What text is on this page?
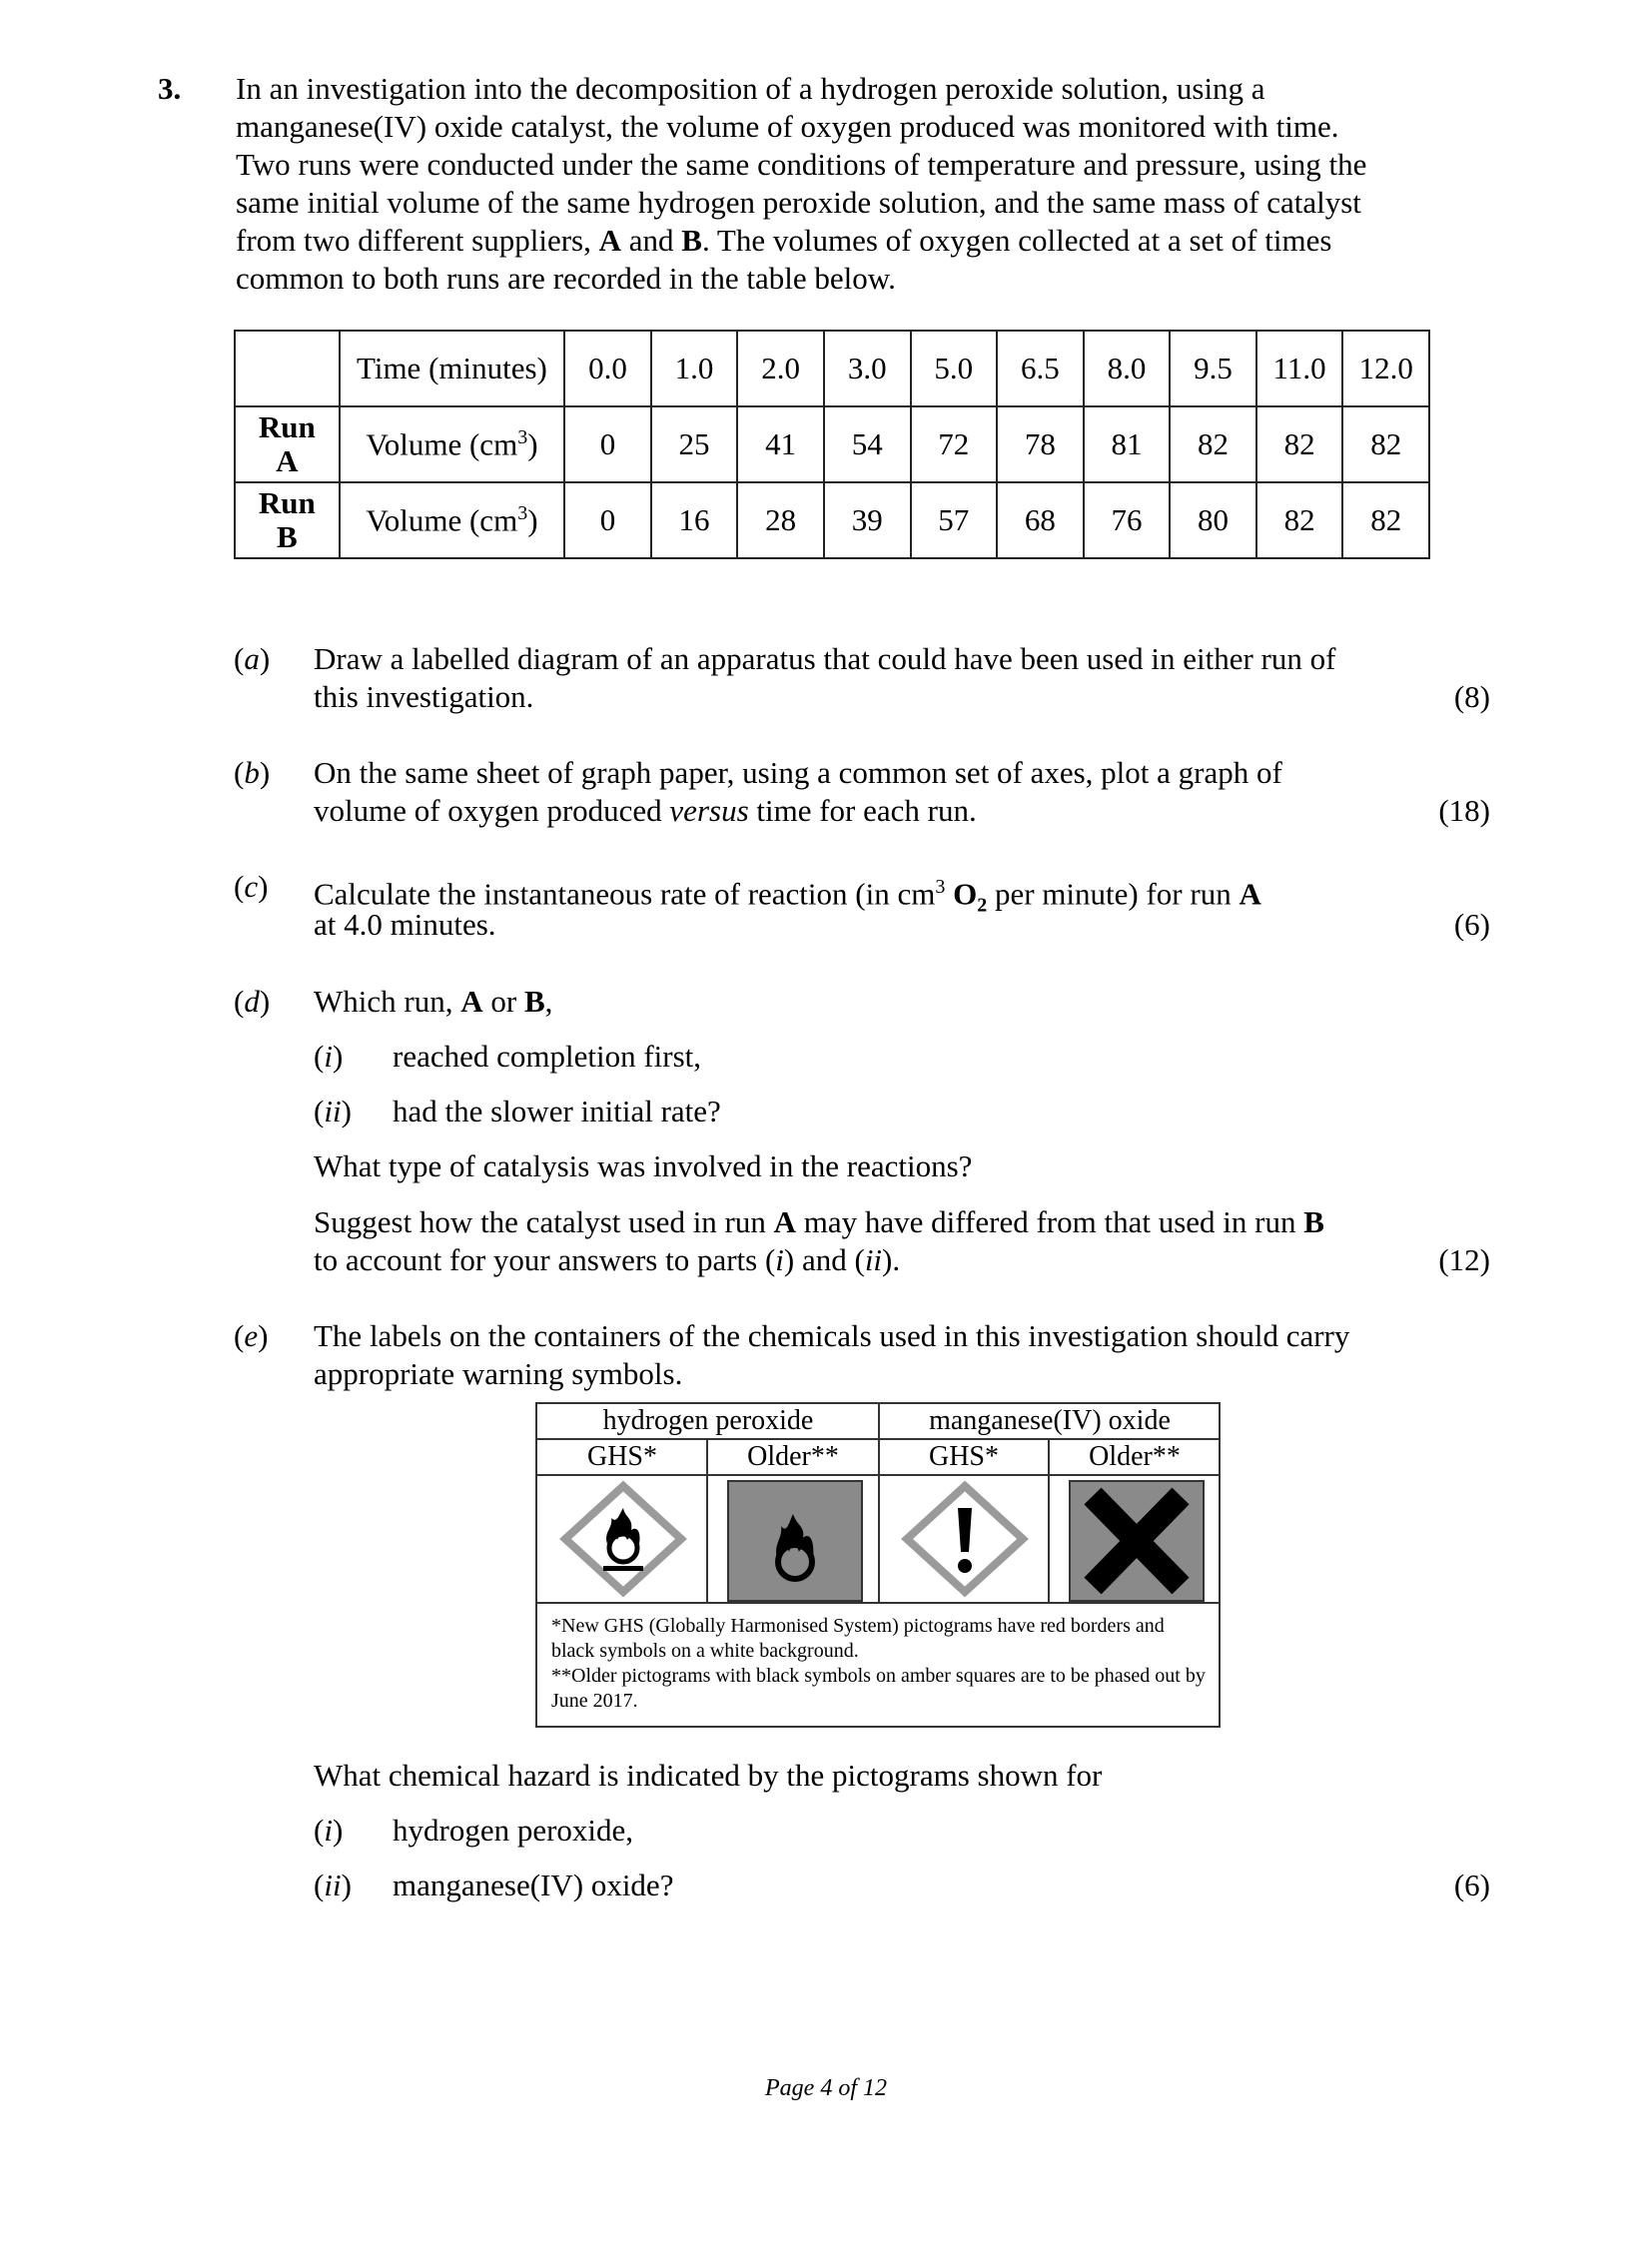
3. In an investigation into the decomposition of a hydrogen peroxide solution, using a
manganese(IV) oxide catalyst, the volume of oxygen produced was monitored with time.
Two runs were conducted under the same conditions of temperature and pressure, using the
same initial volume of the same hydrogen peroxide solution, and the same mass of catalyst
from two different suppliers, A and B. The volumes of oxygen collected at a set of times
common to both runs are recorded in the table below.
	Time (minutes)	0.0	1.0	2.0	3.0	5.0	6.5	8.0	9.5	11.0	12.0
Run
A	Volume $(cm^3)$	0	25	41	54	72	78	81	82	82	82
Run
B	Volume $(cm^3)$	0	16	28	39	57	68	76	80	82	82
(a) Draw a labelled diagram of an apparatus that could have been used in either run of
this investigation.	(8)
(b) On the same sheet of graph paper, using a common set of axes, plot a graph of
volume of oxygen produced versus time for each run.	(18)
(c) Calculate the instantaneous rate of reaction (in $cm^3$ $O_2$ per minute) for run A
at 4.0 minutes.	(6)
(d) Which run, A or B,
(i) reached completion first,
(ii) had the slower initial rate?
What type of catalysis was involved in the reactions?
Suggest how the catalyst used in run A may have differed from that used in run B
to account for your answers to parts (i) and (ii).	(12)
(e) The labels on the containers of the chemicals used in this investigation should carry
appropriate warning symbols.
hydrogen peroxide	manganese(IV) oxide
GHS*	Older**	GHS*	Older**
*New GHS (Globally Harmonised System) pictograms have red borders and black symbols on a white background.
**Older pictograms with black symbols on amber squares are to be phased out by June 2017.
What chemical hazard is indicated by the pictograms shown for
(i) hydrogen peroxide,
(ii) manganese(IV) oxide?	(6)
Page 4 of 12
